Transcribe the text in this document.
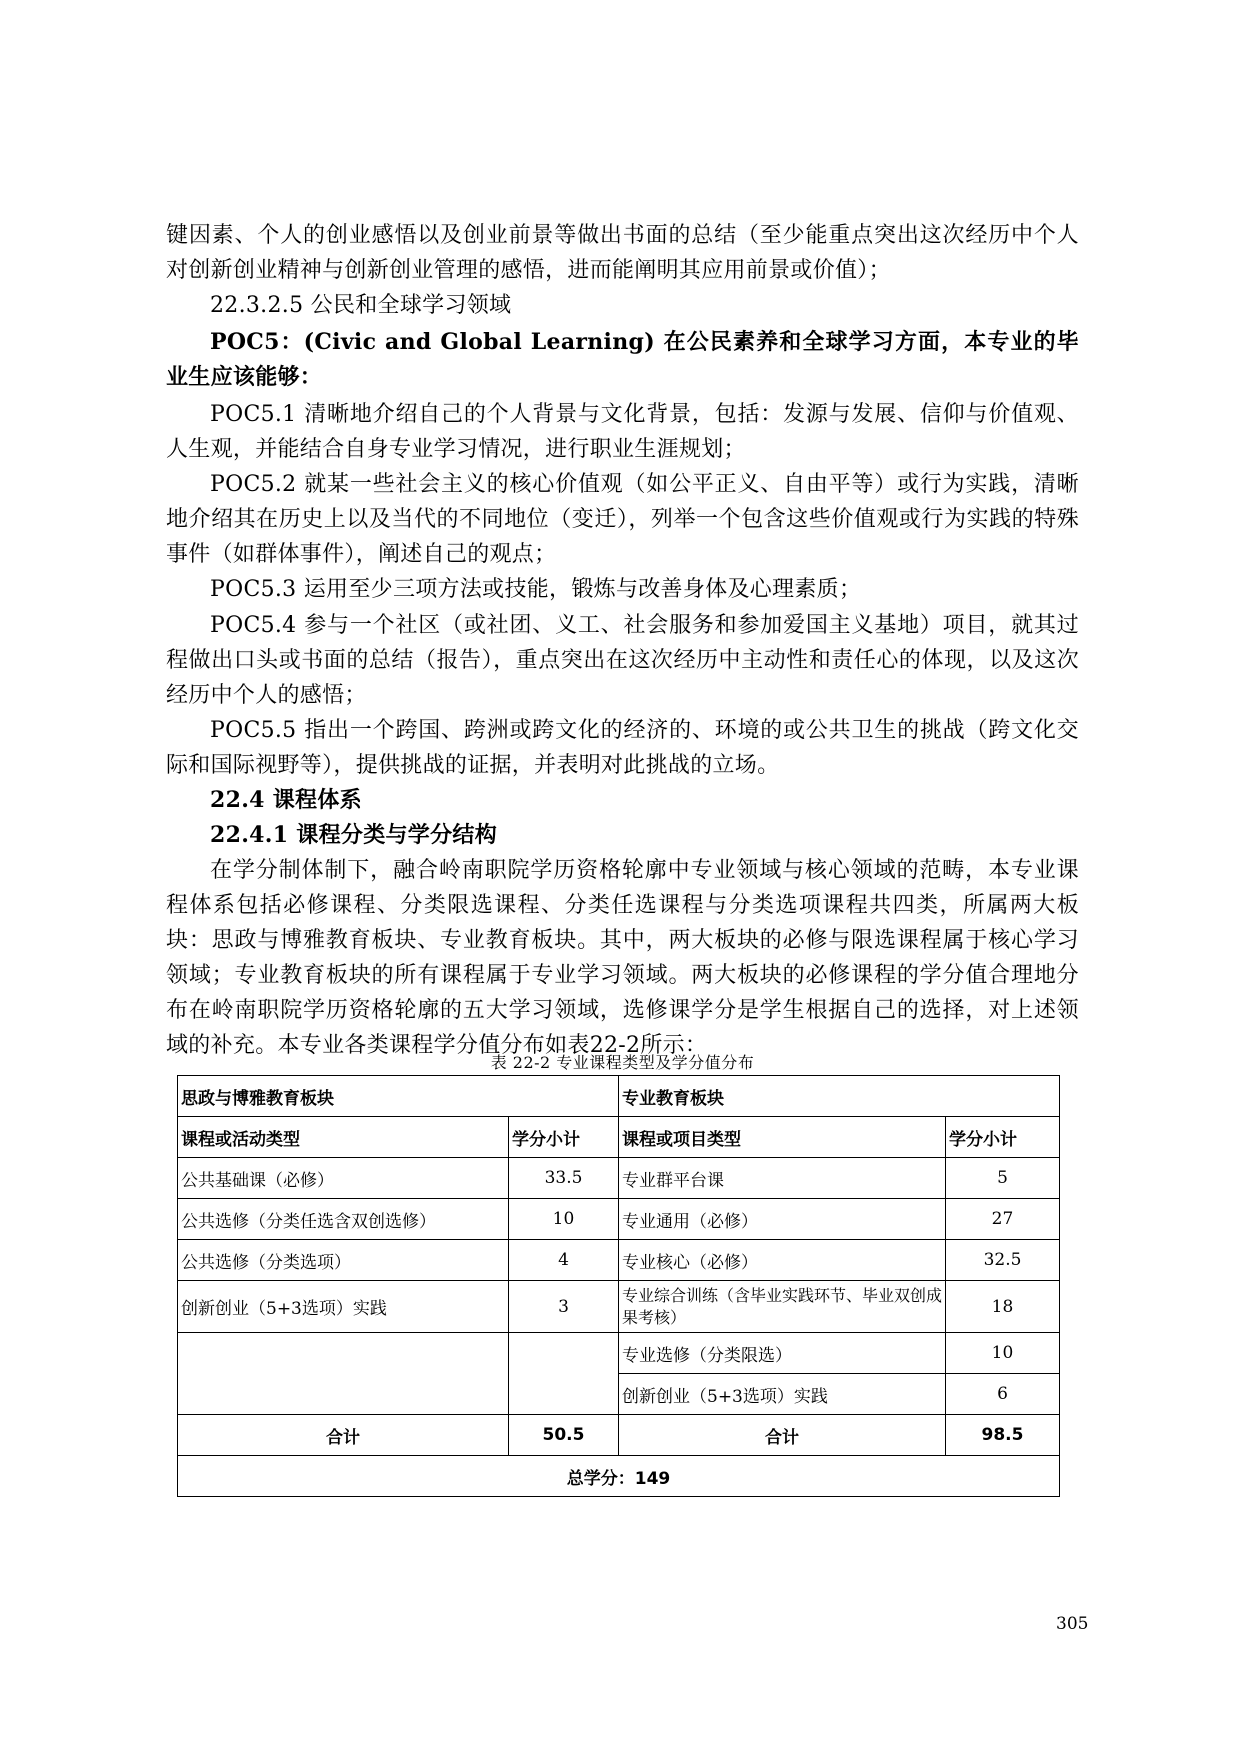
键因素、个人的创业感悟以及创业前景等做出书面的总结（至少能重点突出这次经历中个人对创新创业精神与创新创业管理的感悟，进而能阐明其应用前景或价值）；

22.3.2.5 公民和全球学习领域

POC5：(Civic and Global Learning) 在公民素养和全球学习方面，本专业的毕业生应该能够：

POC5.1 清晰地介绍自己的个人背景与文化背景，包括：发源与发展、信仰与价值观、人生观，并能结合自身专业学习情况，进行职业生涯规划；

POC5.2 就某一些社会主义的核心价值观（如公平正义、自由平等）或行为实践，清晰地介绍其在历史上以及当代的不同地位（变迁），列举一个包含这些价值观或行为实践的特殊事件（如群体事件），阐述自己的观点；

POC5.3 运用至少三项方法或技能，锻炼与改善身体及心理素质；

POC5.4 参与一个社区（或社团、义工、社会服务和参加爱国主义基地）项目，就其过程做出口头或书面的总结（报告），重点突出在这次经历中主动性和责任心的体现，以及这次经历中个人的感悟；

POC5.5 指出一个跨国、跨洲或跨文化的经济的、环境的或公共卫生的挑战（跨文化交际和国际视野等），提供挑战的证据，并表明对此挑战的立场。

22.4 课程体系

22.4.1 课程分类与学分结构

在学分制体制下，融合岭南职院学历资格轮廓中专业领域与核心领域的范畴，本专业课程体系包括必修课程、分类限选课程、分类任选课程与分类选项课程共四类，所属两大板块：思政与博雅教育板块、专业教育板块。其中，两大板块的必修与限选课程属于核心学习领域；专业教育板块的所有课程属于专业学习领域。两大板块的必修课程的学分值合理地分布在岭南职院学历资格轮廓的五大学习领域，选修课学分是学生根据自己的选择，对上述领域的补充。本专业各类课程学分值分布如表22-2所示：

表 22-2 专业课程类型及学分值分布
思政与博雅教育板块		专业教育板块	
课程或活动类型	学分小计	课程或项目类型	学分小计
公共基础课（必修）	33.5	专业群平台课	5
公共选修（分类任选含双创选修）	10	专业通用（必修）	27
公共选修（分类选项）	4	专业核心（必修）	32.5
创新创业（5+3选项）实践	3	专业综合训练（含毕业实践环节、毕业双创成果考核）	18
		专业选修（分类限选）	10
		创新创业（5+3选项）实践	6
合计	50.5	合计	98.5
总学分：149			
305
